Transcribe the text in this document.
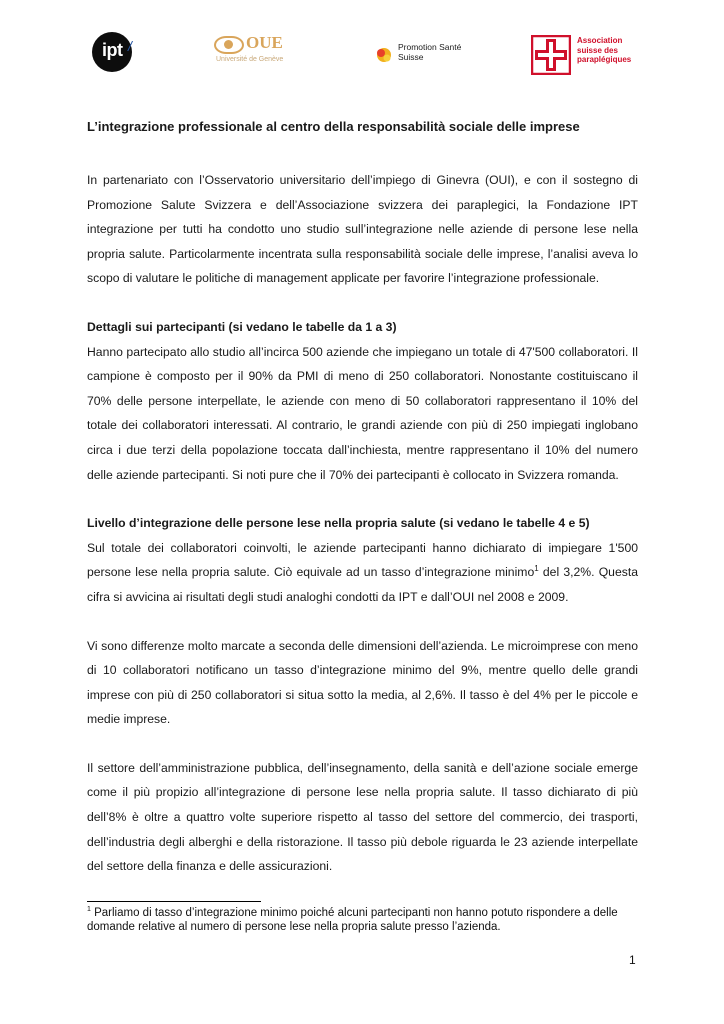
ipt /	OUE
Université de Genève
Promotion Santé
Suisse
Association
suisse des
paraplégiques
L’integrazione professionale al centro della responsabilità sociale delle imprese

In partenariato con l’Osservatorio universitario dell’impiego di Ginevra (OUI), e con il sostegno di Promozione Salute Svizzera e dell’Associazione svizzera dei paraplegici, la Fondazione IPT integrazione per tutti ha condotto uno studio sull’integrazione nelle aziende di persone lese nella propria salute. Particolarmente incentrata sulla responsabilità sociale delle imprese, l’analisi aveva lo scopo di valutare le politiche di management applicate per favorire l’integrazione professionale.

Dettagli sui partecipanti (si vedano le tabelle da 1 a 3)

Hanno partecipato allo studio all’incirca 500 aziende che impiegano un totale di 47'500 collaboratori. Il campione è composto per il 90% da PMI di meno di 250 collaboratori. Nonostante costituiscano il 70% delle persone interpellate, le aziende con meno di 50 collaboratori rappresentano il 10% del totale dei collaboratori interessati. Al contrario, le grandi aziende con più di 250 impiegati inglobano circa i due terzi della popolazione toccata dall’inchiesta, mentre rappresentano il 10% del numero delle aziende partecipanti. Si noti pure che il 70% dei partecipanti è collocato in Svizzera romanda.

Livello d’integrazione delle persone lese nella propria salute (si vedano le tabelle 4 e 5)

Sul totale dei collaboratori coinvolti, le aziende partecipanti hanno dichiarato di impiegare 1'500 persone lese nella propria salute. Ciò equivale ad un tasso d’integrazione minimo$^1$ del 3,2%. Questa cifra si avvicina ai risultati degli studi analoghi condotti da IPT e dall’OUI nel 2008 e 2009.

Vi sono differenze molto marcate a seconda delle dimensioni dell’azienda. Le microimprese con meno di 10 collaboratori notificano un tasso d’integrazione minimo del 9%, mentre quello delle grandi imprese con più di 250 collaboratori si situa sotto la media, al 2,6%. Il tasso è del 4% per le piccole e medie imprese.

Il settore dell’amministrazione pubblica, dell’insegnamento, della sanità e dell’azione sociale emerge come il più propizio all’integrazione di persone lese nella propria salute. Il tasso dichiarato di più dell’8% è oltre a quattro volte superiore rispetto al tasso del settore del commercio, dei trasporti, dell’industria degli alberghi e della ristorazione. Il tasso più debole riguarda le 23 aziende interpellate del settore della finanza e delle assicurazioni.

$^1$ Parliamo di tasso d’integrazione minimo poiché alcuni partecipanti non hanno potuto rispondere a delle domande relative al numero di persone lese nella propria salute presso l’azienda.
1
